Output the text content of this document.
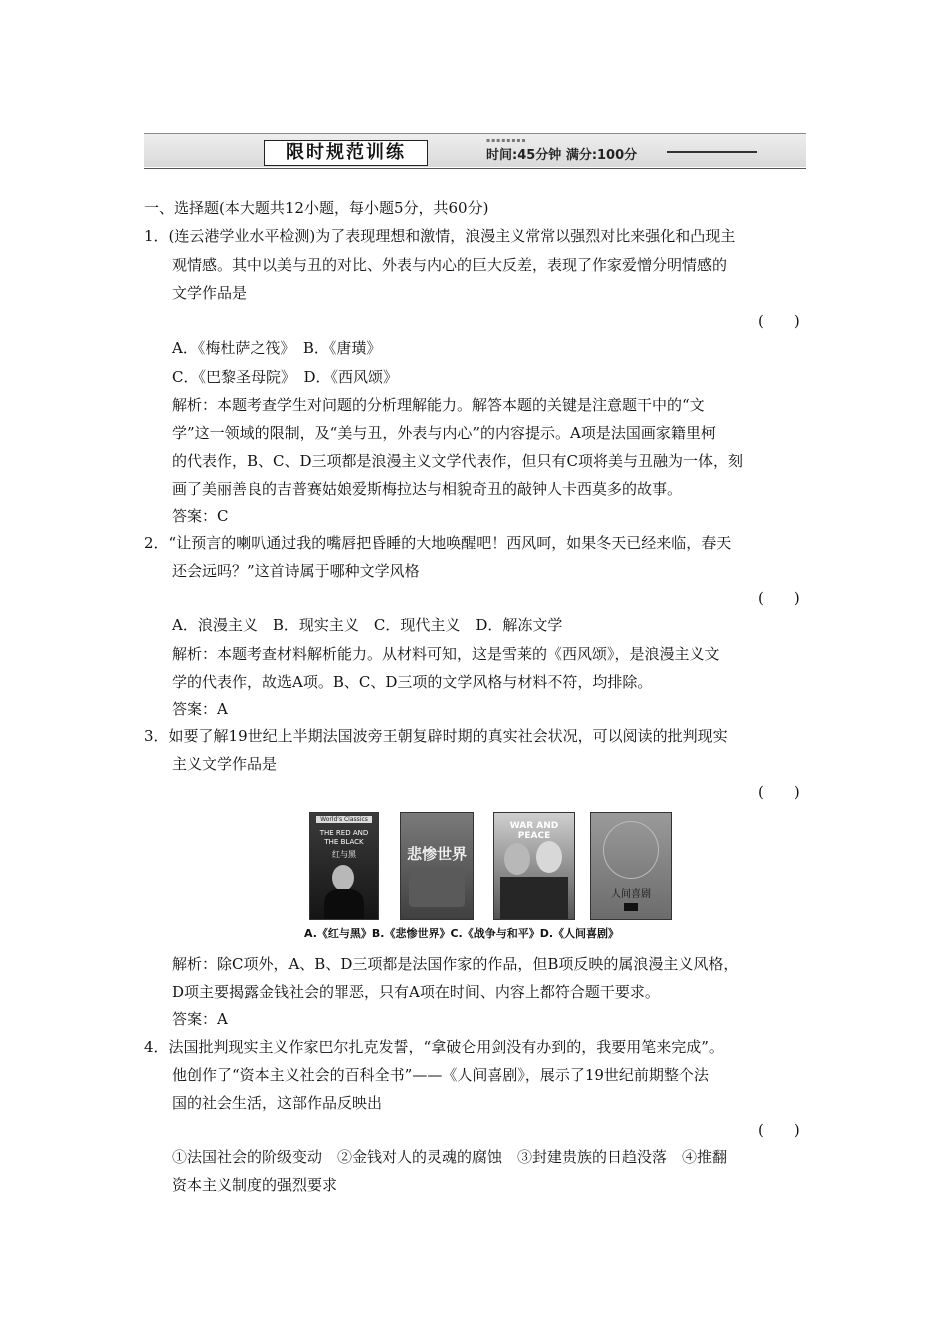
限时规范训练
▪▪▪▪▪▪▪▪
时间:45分钟 满分:100分
一、选择题(本大题共12小题，每小题5分，共60分)
1．(连云港学业水平检测)为了表现理想和激情，浪漫主义常常以强烈对比来强化和凸现主
观情感。其中以美与丑的对比、外表与内心的巨大反差，表现了作家爱憎分明情感的
文学作品是
(　　)
A．《梅杜萨之筏》　B．《唐璜》
C．《巴黎圣母院》　D．《西风颂》
解析：本题考查学生对问题的分析理解能力。解答本题的关键是注意题干中的“文
学”这一领域的限制，及“美与丑，外表与内心”的内容提示。A项是法国画家籍里柯
的代表作，B、C、D三项都是浪漫主义文学代表作，但只有C项将美与丑融为一体，刻
画了美丽善良的吉普赛姑娘爱斯梅拉达与相貌奇丑的敲钟人卡西莫多的故事。
答案：C
2．“让预言的喇叭通过我的嘴唇把昏睡的大地唤醒吧！西风呵，如果冬天已经来临，春天
还会远吗？”这首诗属于哪种文学风格
(　　)
A．浪漫主义　B．现实主义　C．现代主义　D．解冻文学
解析：本题考查材料解析能力。从材料可知，这是雪莱的《西风颂》，是浪漫主义文
学的代表作，故选A项。B、C、D三项的文学风格与材料不符，均排除。
答案：A
3．如要了解19世纪上半期法国波旁王朝复辟时期的真实社会状况，可以阅读的批判现实
主义文学作品是
(　　)
World's Classics
THE RED AND THE BLACK
红与黑	悲惨世界
WAR AND PEACE
人间喜剧
A.《红与黑》B.《悲惨世界》C.《战争与和平》D.《人间喜剧》
解析：除C项外，A、B、D三项都是法国作家的作品，但B项反映的属浪漫主义风格，
D项主要揭露金钱社会的罪恶，只有A项在时间、内容上都符合题干要求。
答案：A
4．法国批判现实主义作家巴尔扎克发誓，“拿破仑用剑没有办到的，我要用笔来完成”。
他创作了“资本主义社会的百科全书”——《人间喜剧》，展示了19世纪前期整个法
国的社会生活，这部作品反映出
(　　)
①法国社会的阶级变动　②金钱对人的灵魂的腐蚀　③封建贵族的日趋没落　④推翻
资本主义制度的强烈要求
